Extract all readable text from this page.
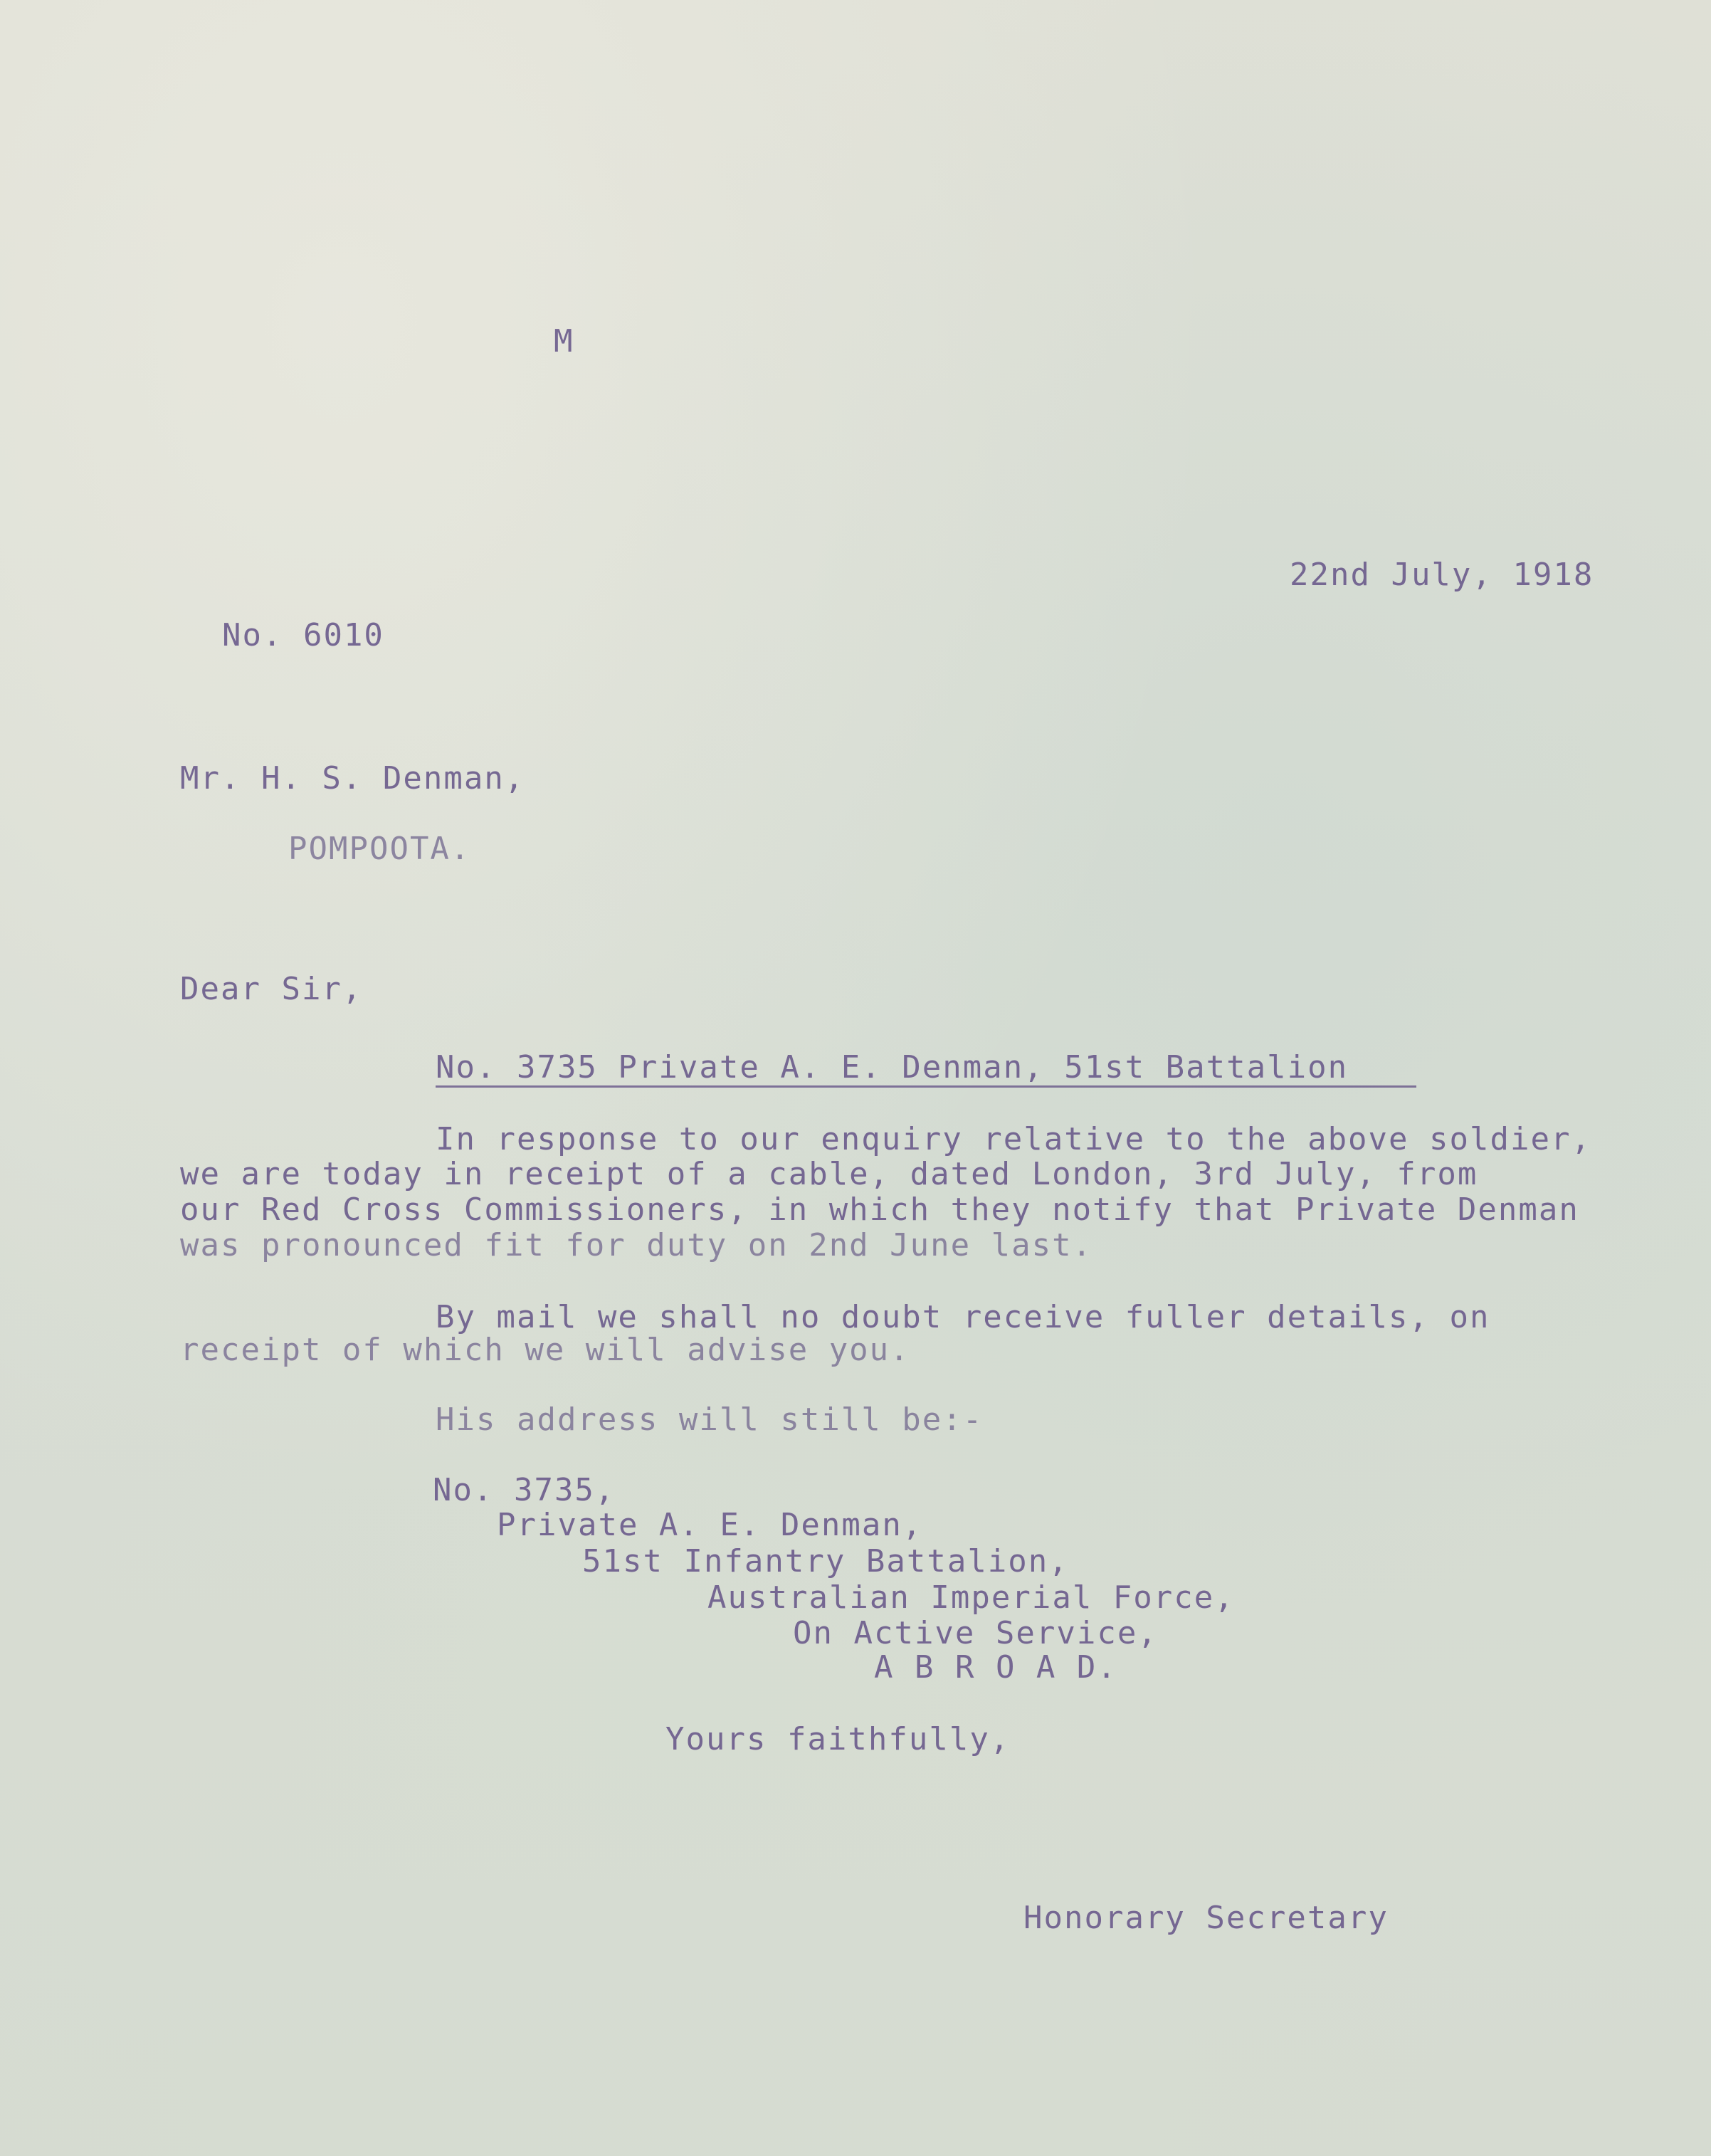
M
22nd July, 1918
No. 6010
Mr. H. S. Denman,
POMPOOTA.
Dear Sir,
No. 3735 Private A. E. Denman, 51st Battalion
In response to our enquiry relative to the above soldier,
we are today in receipt of a cable, dated London, 3rd July, from
our Red Cross Commissioners, in which they notify that Private Denman
was pronounced fit for duty on 2nd June last.
By mail we shall no doubt receive fuller details, on
receipt of which we will advise you.
His address will still be:-
No. 3735,
Private A. E. Denman,
51st Infantry Battalion,
Australian Imperial Force,
On Active Service,
A B R O A D.
Yours faithfully,
Honorary Secretary
